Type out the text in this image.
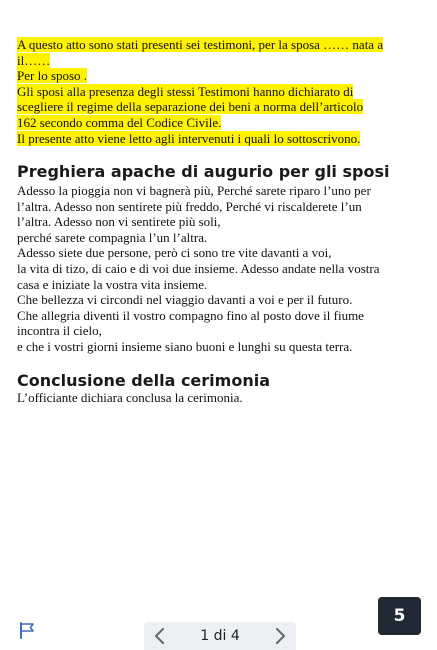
A questo atto sono stati presenti sei testimoni, per la sposa …… nata a
il……
Per lo sposo .
Gli sposi alla presenza degli stessi Testimoni hanno dichiarato di
scegliere il regime della separazione dei beni a norma dell’articolo
162 secondo comma del Codice Civile.
Il presente atto viene letto agli intervenuti i quali lo sottoscrivono.
Preghiera apache di augurio per gli sposi
Adesso la pioggia non vi bagnerà più, Perché sarete riparo l’uno per
l’altra. Adesso non sentirete più freddo, Perché vi riscalderete l’un
l’altra. Adesso non vi sentirete più soli,
perché sarete compagnia l’un l’altra.
Adesso siete due persone, però ci sono tre vite davanti a voi,
la vita di tizo, di caio e di voi due insieme. Adesso andate nella vostra
casa e iniziate la vostra vita insieme.
Che bellezza vi circondi nel viaggio davanti a voi e per il futuro.
Che allegria diventi il vostro compagno fino al posto dove il fiume
incontra il cielo,
e che i vostri giorni insieme siano buoni e lunghi su questa terra.
Conclusione della cerimonia
L’officiante dichiara conclusa la cerimonia.
5
1 di 4
